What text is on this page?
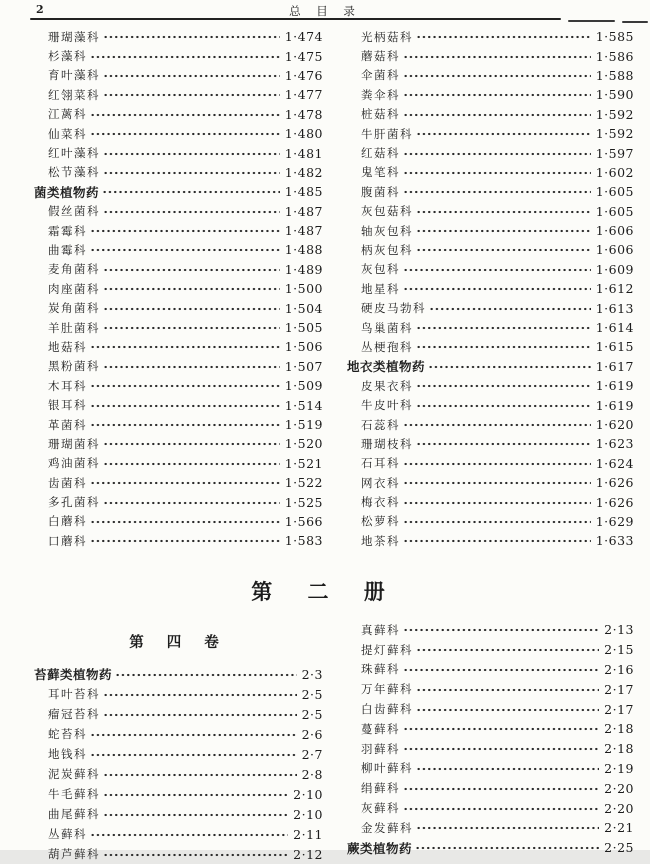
2	总 目 录
珊瑚藻科	1·474
杉藻科	1·475
育叶藻科	1·476
红翎菜科	1·477
江蓠科	1·478
仙菜科	1·480
红叶藻科	1·481
松节藻科	1·482
菌类植物药	1·485
假丝菌科	1·487
霜霉科	1·487
曲霉科	1·488
麦角菌科	1·489
肉座菌科	1·500
炭角菌科	1·504
羊肚菌科	1·505
地菇科	1·506
黑粉菌科	1·507
木耳科	1·509
银耳科	1·514
革菌科	1·519
珊瑚菌科	1·520
鸡油菌科	1·521
齿菌科	1·522
多孔菌科	1·525
白蘑科	1·566
口蘑科	1·583
光柄菇科	1·585
蘑菇科	1·586
伞菌科	1·588
粪伞科	1·590
桩菇科	1·592
牛肝菌科	1·592
红菇科	1·597
鬼笔科	1·602
腹菌科	1·605
灰包菇科	1·605
轴灰包科	1·606
柄灰包科	1·606
灰包科	1·609
地星科	1·612
硬皮马勃科	1·613
鸟巢菌科	1·614
丛梗孢科	1·615
地衣类植物药	1·617
皮果衣科	1·619
牛皮叶科	1·619
石蕊科	1·620
珊瑚枝科	1·623
石耳科	1·624
网衣科	1·626
梅衣科	1·626
松萝科	1·629
地茶科	1·633
第 二 册
第 四 卷
苔藓类植物药	2·3
耳叶苔科	2·5
瘤冠苔科	2·5
蛇苔科	2·6
地钱科	2·7
泥炭藓科	2·8
牛毛藓科	2·10
曲尾藓科	2·10
丛藓科	2·11
葫芦藓科	2·12
真藓科	2·13
提灯藓科	2·15
珠藓科	2·16
万年藓科	2·17
白齿藓科	2·17
蔓藓科	2·18
羽藓科	2·18
柳叶藓科	2·19
绢藓科	2·20
灰藓科	2·20
金发藓科	2·21
蕨类植物药	2·25
